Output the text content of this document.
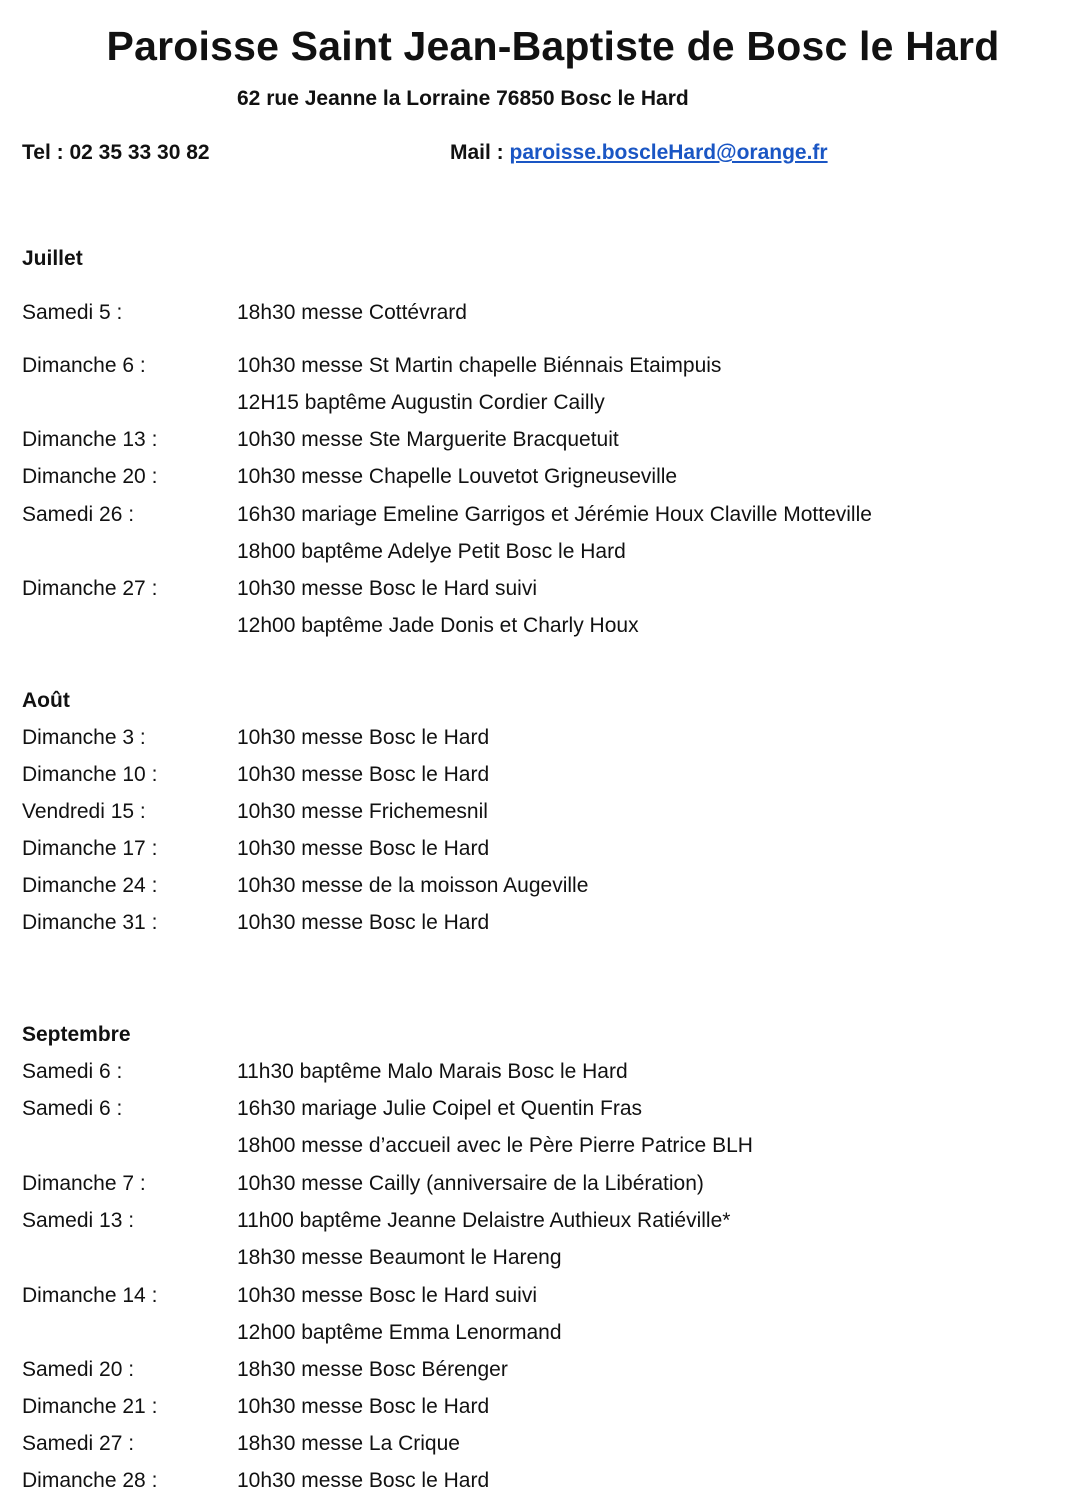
Paroisse Saint Jean-Baptiste de Bosc le Hard
62 rue Jeanne la Lorraine 76850 Bosc le Hard
Tel : 02 35 33 30 82	Mail : paroisse.boscleHard@orange.fr
Juillet
Samedi 5 :	18h30 messe Cottévrard
Dimanche 6 :	10h30 messe St Martin chapelle Biénnais Etaimpuis
12H15 baptême Augustin Cordier Cailly
Dimanche 13 :	10h30 messe Ste Marguerite Bracquetuit
Dimanche 20 :	10h30 messe Chapelle Louvetot Grigneuseville
Samedi 26 :	16h30 mariage Emeline Garrigos et Jérémie Houx Claville Motteville
18h00 baptême Adelye Petit Bosc le Hard
Dimanche 27 :	10h30 messe Bosc le Hard suivi
12h00 baptême Jade Donis et Charly Houx
Août
Dimanche 3 :	10h30 messe Bosc le Hard
Dimanche 10 :	10h30 messe Bosc le Hard
Vendredi 15 :	10h30 messe Frichemesnil
Dimanche 17 :	10h30 messe Bosc le Hard
Dimanche 24 :	10h30 messe de la moisson Augeville
Dimanche 31 :	10h30 messe Bosc le Hard
Septembre
Samedi 6 :	11h30 baptême Malo Marais Bosc le Hard
Samedi 6 :	16h30 mariage Julie Coipel et Quentin Fras
18h00 messe d’accueil avec le Père Pierre Patrice BLH
Dimanche 7 :	10h30 messe Cailly (anniversaire de la Libération)
Samedi 13 :	11h00 baptême Jeanne Delaistre Authieux Ratiéville*
18h30 messe Beaumont le Hareng
Dimanche 14 :	10h30 messe Bosc le Hard suivi
12h00 baptême Emma Lenormand
Samedi 20 :	18h30 messe Bosc Bérenger
Dimanche 21 :	10h30 messe Bosc le Hard
Samedi 27 :	18h30 messe La Crique
Dimanche 28 :	10h30 messe Bosc le Hard
